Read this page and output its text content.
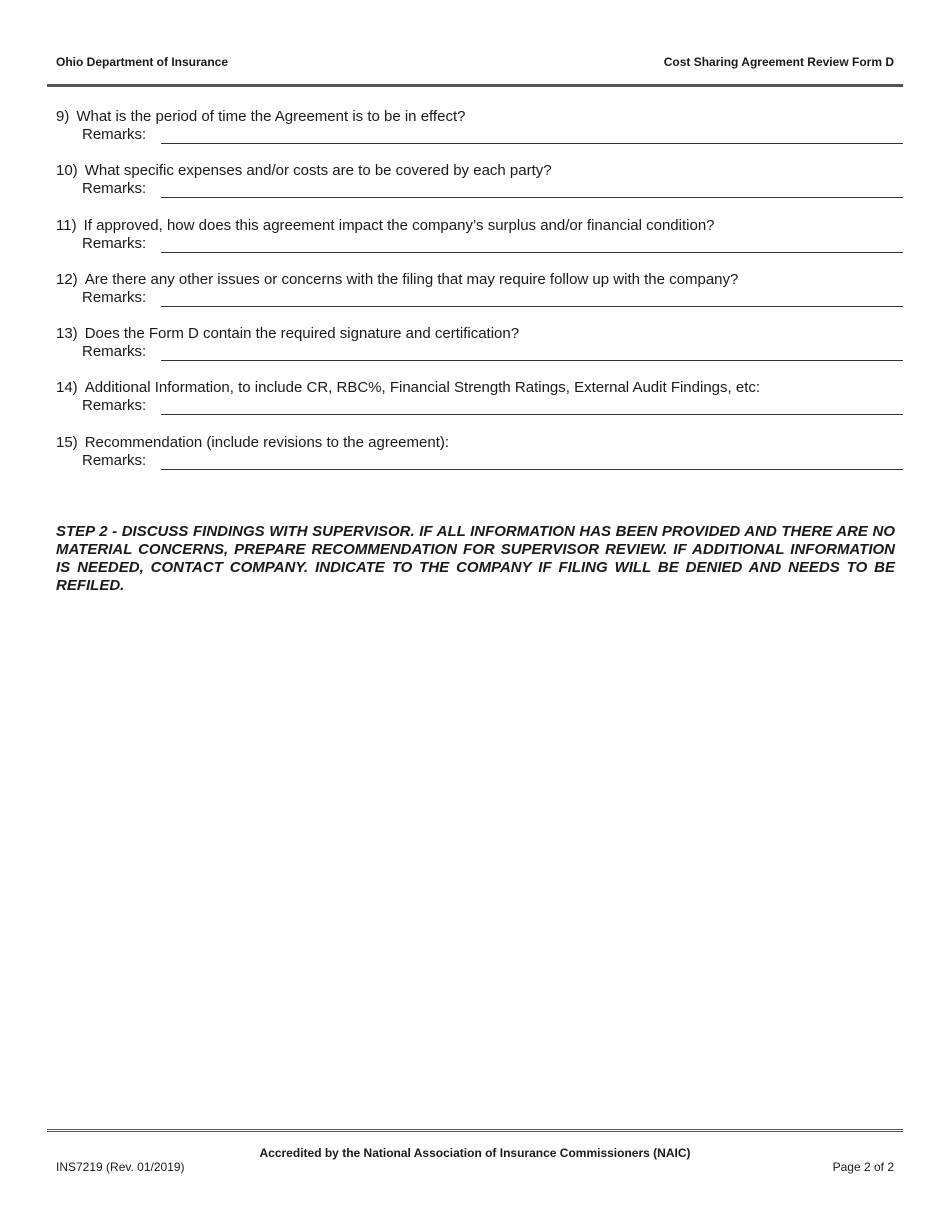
Ohio Department of Insurance	Cost Sharing Agreement Review Form D
9) What is the period of time the Agreement is to be in effect?
Remarks:
10) What specific expenses and/or costs are to be covered by each party?
Remarks:
11) If approved, how does this agreement impact the company’s surplus and/or financial condition?
Remarks:
12) Are there any other issues or concerns with the filing that may require follow up with the company?
Remarks:
13) Does the Form D contain the required signature and certification?
Remarks:
14) Additional Information, to include CR, RBC%, Financial Strength Ratings, External Audit Findings, etc:
Remarks:
15) Recommendation (include revisions to the agreement):
Remarks:
STEP 2 - DISCUSS FINDINGS WITH SUPERVISOR. IF ALL INFORMATION HAS BEEN PROVIDED AND THERE ARE NO MATERIAL CONCERNS, PREPARE RECOMMENDATION FOR SUPERVISOR REVIEW. IF ADDITIONAL INFORMATION IS NEEDED, CONTACT COMPANY. INDICATE TO THE COMPANY IF FILING WILL BE DENIED AND NEEDS TO BE REFILED.
Accredited by the National Association of Insurance Commissioners (NAIC)
INS7219 (Rev. 01/2019)	Page 2 of 2
